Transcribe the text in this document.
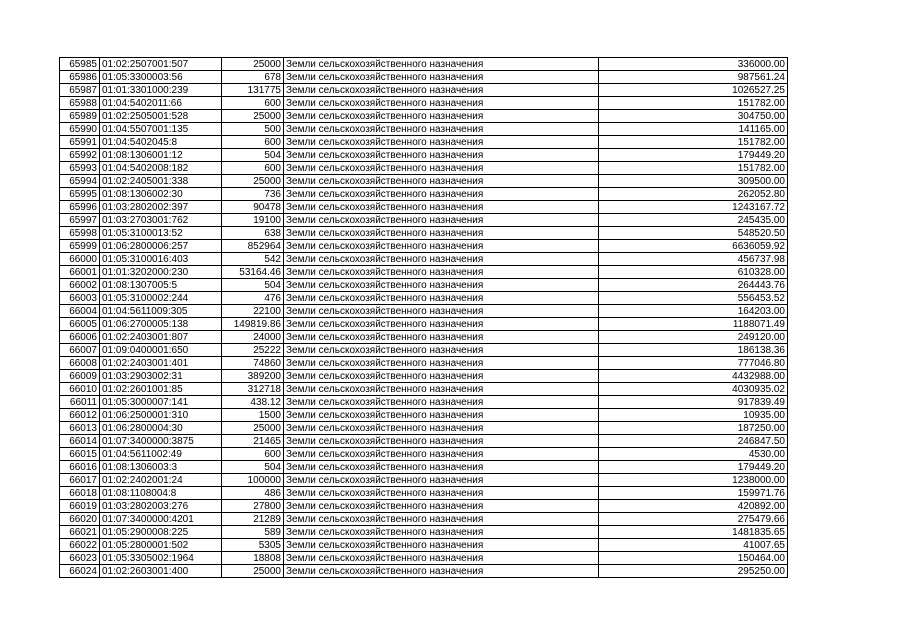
65985	01:02:2507001:507	25000	Земли сельскохозяйственного назначения	336000.00
65986	01:05:3300003:56	678	Земли сельскохозяйственного назначения	987561.24
65987	01:01:3301000:239	131775	Земли сельскохозяйственного назначения	1026527.25
65988	01:04:5402011:66	600	Земли сельскохозяйственного назначения	151782.00
65989	01:02:2505001:528	25000	Земли сельскохозяйственного назначения	304750.00
65990	01:04:5507001:135	500	Земли сельскохозяйственного назначения	141165.00
65991	01:04:5402045:8	600	Земли сельскохозяйственного назначения	151782.00
65992	01:08:1306001:12	504	Земли сельскохозяйственного назначения	179449.20
65993	01:04:5402008:182	600	Земли сельскохозяйственного назначения	151782.00
65994	01:02:2405001:338	25000	Земли сельскохозяйственного назначения	309500.00
65995	01:08:1306002:30	736	Земли сельскохозяйственного назначения	262052.80
65996	01:03:2802002:397	90478	Земли сельскохозяйственного назначения	1243167.72
65997	01:03:2703001:762	19100	Земли сельскохозяйственного назначения	245435.00
65998	01:05:3100013:52	638	Земли сельскохозяйственного назначения	548520.50
65999	01:06:2800006:257	852964	Земли сельскохозяйственного назначения	6636059.92
66000	01:05:3100016:403	542	Земли сельскохозяйственного назначения	456737.98
66001	01:01:3202000:230	53164.46	Земли сельскохозяйственного назначения	610328.00
66002	01:08:1307005:5	504	Земли сельскохозяйственного назначения	264443.76
66003	01:05:3100002:244	476	Земли сельскохозяйственного назначения	556453.52
66004	01:04:5611009:305	22100	Земли сельскохозяйственного назначения	164203.00
66005	01:06:2700005:138	149819.86	Земли сельскохозяйственного назначения	1188071.49
66006	01:02:2403001:807	24000	Земли сельскохозяйственного назначения	249120.00
66007	01:09:0400001:650	25222	Земли сельскохозяйственного назначения	186138.36
66008	01:02:2403001:401	74860	Земли сельскохозяйственного назначения	777046.80
66009	01:03:2903002:31	389200	Земли сельскохозяйственного назначения	4432988.00
66010	01:02:2601001:85	312718	Земли сельскохозяйственного назначения	4030935.02
66011	01:05:3000007:141	438.12	Земли сельскохозяйственного назначения	917839.49
66012	01:06:2500001:310	1500	Земли сельскохозяйственного назначения	10935.00
66013	01:06:2800004:30	25000	Земли сельскохозяйственного назначения	187250.00
66014	01:07:3400000:3875	21465	Земли сельскохозяйственного назначения	246847.50
66015	01:04:5611002:49	600	Земли сельскохозяйственного назначения	4530.00
66016	01:08:1306003:3	504	Земли сельскохозяйственного назначения	179449.20
66017	01:02:2402001:24	100000	Земли сельскохозяйственного назначения	1238000.00
66018	01:08:1108004:8	486	Земли сельскохозяйственного назначения	159971.76
66019	01:03:2802003:276	27800	Земли сельскохозяйственного назначения	420892.00
66020	01:07:3400000:4201	21289	Земли сельскохозяйственного назначения	275479.66
66021	01:05:2900008:225	589	Земли сельскохозяйственного назначения	1481835.65
66022	01:05:2800001:502	5305	Земли сельскохозяйственного назначения	41007.65
66023	01:05:3305002:1964	18808	Земли сельскохозяйственного назначения	150464.00
66024	01:02:2603001:400	25000	Земли сельскохозяйственного назначения	295250.00
